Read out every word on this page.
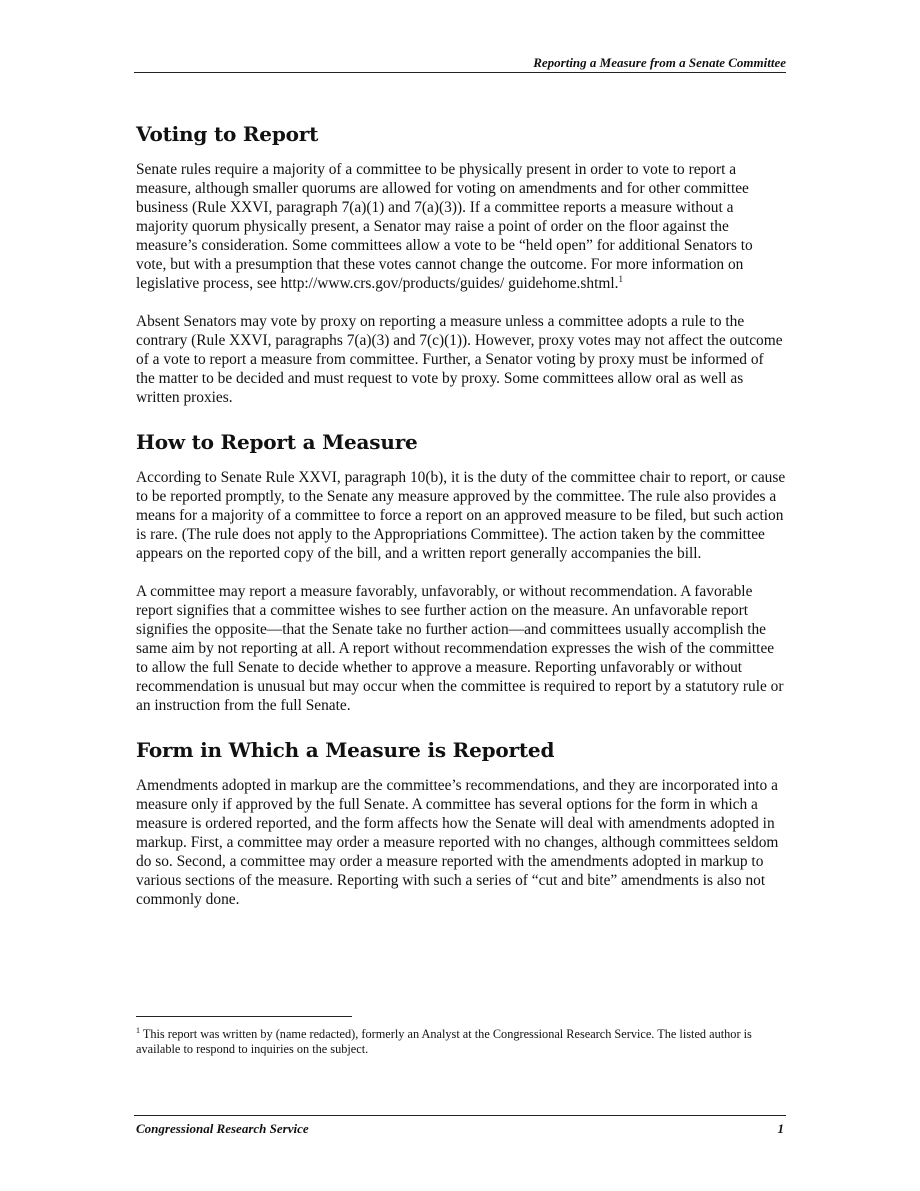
Reporting a Measure from a Senate Committee
Voting to Report

Senate rules require a majority of a committee to be physically present in order to vote to report a measure, although smaller quorums are allowed for voting on amendments and for other committee business (Rule XXVI, paragraph 7(a)(1) and 7(a)(3)). If a committee reports a measure without a majority quorum physically present, a Senator may raise a point of order on the floor against the measure’s consideration. Some committees allow a vote to be “held open” for additional Senators to vote, but with a presumption that these votes cannot change the outcome. For more information on legislative process, see http://www.crs.gov/products/guides/ guidehome.shtml.$^1$

Absent Senators may vote by proxy on reporting a measure unless a committee adopts a rule to the contrary (Rule XXVI, paragraphs 7(a)(3) and 7(c)(1)). However, proxy votes may not affect the outcome of a vote to report a measure from committee. Further, a Senator voting by proxy must be informed of the matter to be decided and must request to vote by proxy. Some committees allow oral as well as written proxies.

How to Report a Measure

According to Senate Rule XXVI, paragraph 10(b), it is the duty of the committee chair to report, or cause to be reported promptly, to the Senate any measure approved by the committee. The rule also provides a means for a majority of a committee to force a report on an approved measure to be filed, but such action is rare. (The rule does not apply to the Appropriations Committee). The action taken by the committee appears on the reported copy of the bill, and a written report generally accompanies the bill.

A committee may report a measure favorably, unfavorably, or without recommendation. A favorable report signifies that a committee wishes to see further action on the measure. An unfavorable report signifies the opposite—that the Senate take no further action—and committees usually accomplish the same aim by not reporting at all. A report without recommendation expresses the wish of the committee to allow the full Senate to decide whether to approve a measure. Reporting unfavorably or without recommendation is unusual but may occur when the committee is required to report by a statutory rule or an instruction from the full Senate.

Form in Which a Measure is Reported

Amendments adopted in markup are the committee’s recommendations, and they are incorporated into a measure only if approved by the full Senate. A committee has several options for the form in which a measure is ordered reported, and the form affects how the Senate will deal with amendments adopted in markup. First, a committee may order a measure reported with no changes, although committees seldom do so. Second, a committee may order a measure reported with the amendments adopted in markup to various sections of the measure. Reporting with such a series of “cut and bite” amendments is also not commonly done.

$^1$ This report was written by (name redacted), formerly an Analyst at the Congressional Research Service. The listed author is available to respond to inquiries on the subject.
Congressional Research Service	1
